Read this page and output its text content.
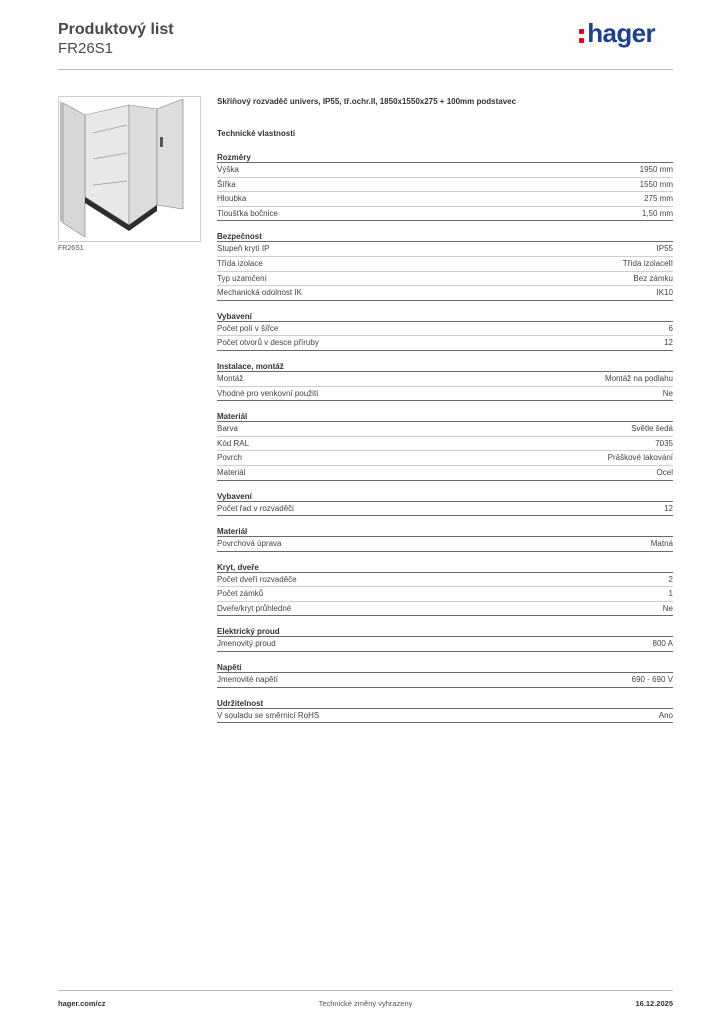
Produktový list
FR26S1
hager
FR26S1
Skříňový rozvaděč univers, IP55, tř.ochr.II, 1850x1550x275 + 100mm podstavec
Technické vlastnosti
Rozměry
Výška	1950 mm
Šířka	1550 mm
Hloubka	275 mm
Tloušťka bočnice	1,50 mm
Bezpečnost
Stupeň krytí IP	IP55
Třída izolace	Třída izolaceII
Typ uzamčení	Bez zámku
Mechanická odolnost IK	IK10
Vybavení
Počet polí v šířce	6
Počet otvorů v desce příruby	12
Instalace, montáž
Montáž	Montáž na podlahu
Vhodné pro venkovní použití	Ne
Materiál
Barva	Světle šedá
Kód RAL	7035
Povrch	Práškové lakování
Materiál	Ocel
Vybavení
Počet řad v rozvaděči	12
Materiál
Povrchová úprava	Matná
Kryt, dveře
Počet dveří rozvaděče	2
Počet zámků	1
Dveře/kryt průhledné	Ne
Elektrický proud
Jmenovitý proud	800 A
Napětí
Jmenovité napětí	690 - 690 V
Udržitelnost
V souladu se směrnicí RoHS	Ano
hager.com/cz	Technické změny vyhrazeny	16.12.2025
